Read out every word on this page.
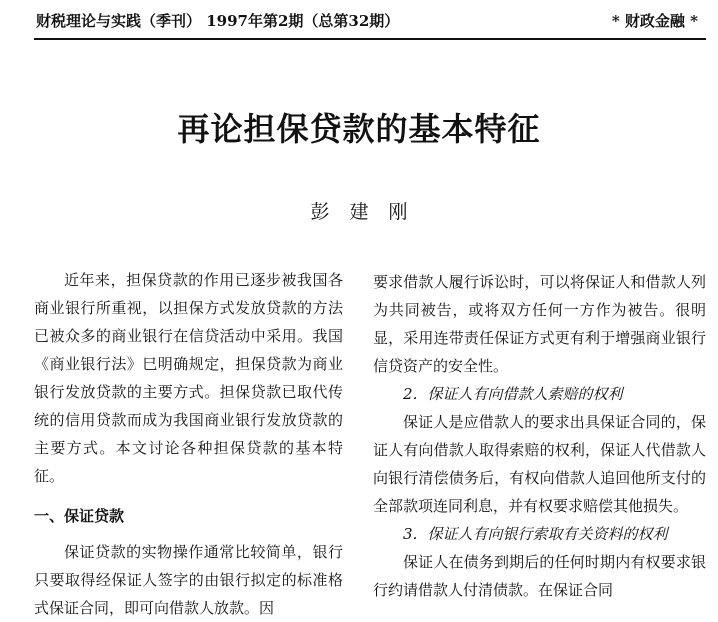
财税理论与实践（季刊） 1997年第2期（总第32期）	* 财政金融 *
再论担保贷款的基本特征
彭建刚

近年来，担保贷款的作用已逐步被我国各商业银行所重视，以担保方式发放贷款的方法已被众多的商业银行在信贷活动中采用。我国《商业银行法》巳明确规定，担保贷款为商业银行发放贷款的主要方式。担保贷款已取代传统的信用贷款而成为我国商业银行发放贷款的主要方式。本文讨论各种担保贷款的基本特征。

一、保证贷款

保证贷款的实物操作通常比较简单，银行只要取得经保证人签字的由银行拟定的标准格式保证合同，即可向借款人放款。因

要求借款人履行诉讼时，可以将保证人和借款人列为共同被告，或将双方任何一方作为被告。很明显，采用连带责任保证方式更有利于增强商业银行信贷资产的安全性。

2．保证人有向借款人索赔的权利

保证人是应借款人的要求出具保证合同的，保证人有向借款人取得索赔的权利，保证人代借款人向银行清偿债务后，有权向借款人追回他所支付的全部款项连同利息，并有权要求赔偿其他损失。

3．保证人有向银行索取有关资料的权利

保证人在债务到期后的任何时期内有权要求银行约请借款人付清债款。在保证合同
